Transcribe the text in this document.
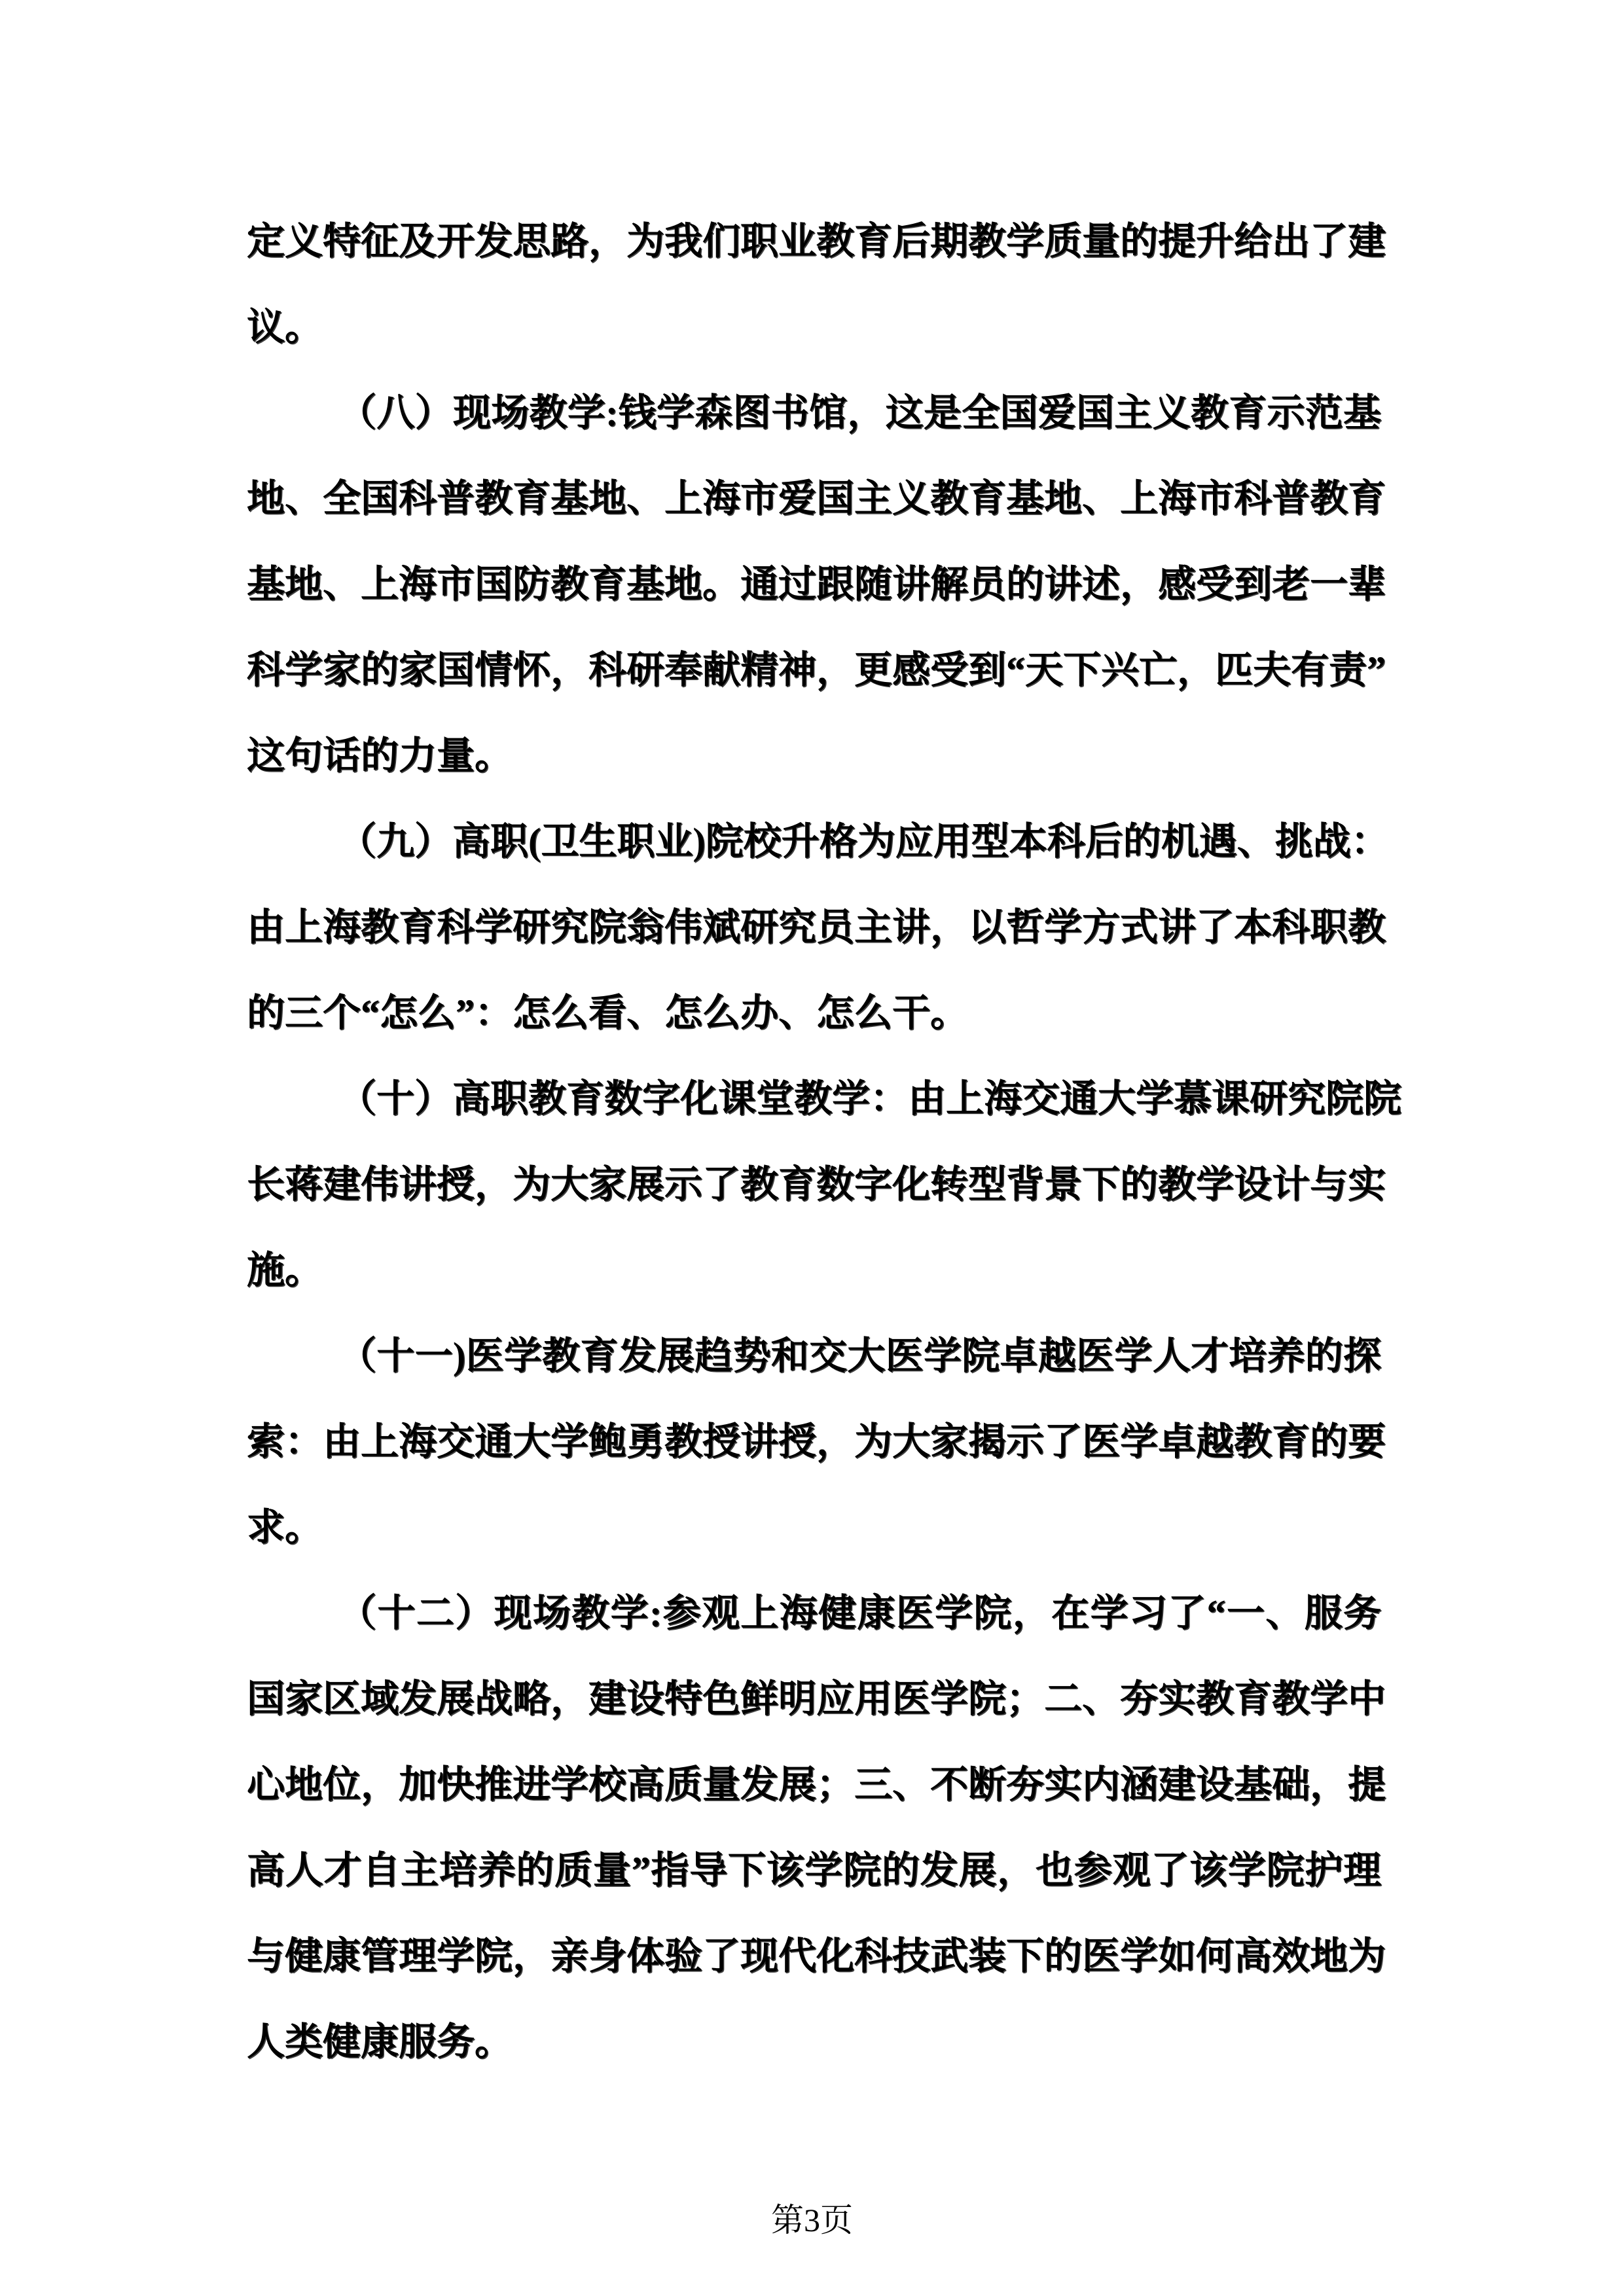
定义特征及开发思路，为我们职业教育后期教学质量的提升给出了建
议。
（八）现场教学:钱学森图书馆，这是全国爱国主义教育示范基
地、全国科普教育基地、上海市爱国主义教育基地、上海市科普教育
基地、上海市国防教育基地。通过跟随讲解员的讲述，感受到老一辈
科学家的家国情怀，科研奉献精神，更感受到“天下兴亡，匹夫有责”
这句话的力量。
（九）高职(卫生职业)院校升格为应用型本科后的机遇、挑战：
由上海教育科学研究院翁伟斌研究员主讲，以哲学方式讲了本科职教
的三个“怎么”：怎么看、怎么办、怎么干。
（十）高职教育数字化课堂教学：由上海交通大学慕课研究院院
长蒋建伟讲授，为大家展示了教育数字化转型背景下的教学设计与实
施。
（十一)医学教育发展趋势和交大医学院卓越医学人才培养的探
索：由上海交通大学鲍勇教授讲授，为大家揭示了医学卓越教育的要
求。
（十二）现场教学:参观上海健康医学院，在学习了“一、服务
国家区域发展战略，建设特色鲜明应用医学院；二、夯实教育教学中
心地位，加快推进学校高质量发展；三、不断夯实内涵建设基础，提
高人才自主培养的质量”指导下该学院的发展，也参观了该学院护理
与健康管理学院，亲身体验了现代化科技武装下的医学如何高效地为
人类健康服务。
第3页
